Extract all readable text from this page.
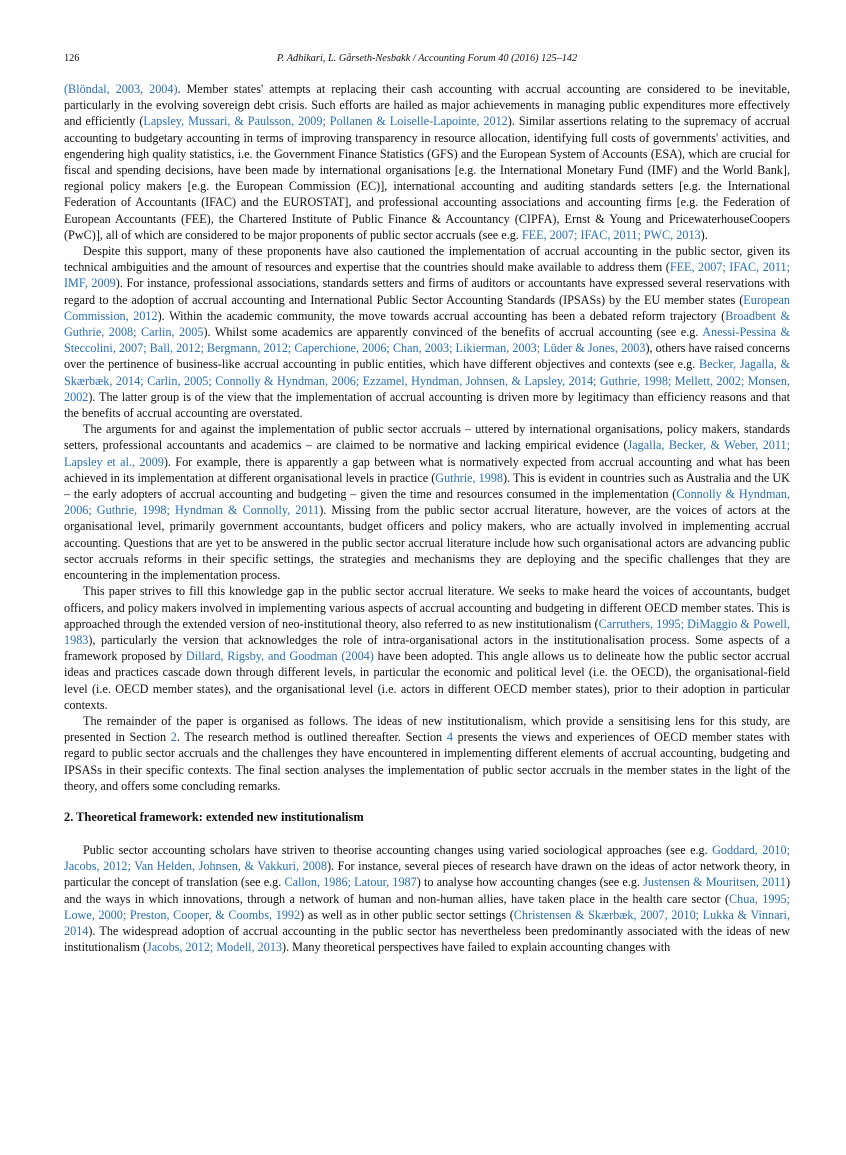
126	P. Adhikari, L. Gårseth-Nesbakk / Accounting Forum 40 (2016) 125–142

(Blöndal, 2003, 2004). Member states' attempts at replacing their cash accounting with accrual accounting are considered to be inevitable, particularly in the evolving sovereign debt crisis. Such efforts are hailed as major achievements in managing public expenditures more effectively and efficiently (Lapsley, Mussari, & Paulsson, 2009; Pollanen & Loiselle-Lapointe, 2012). Similar assertions relating to the supremacy of accrual accounting to budgetary accounting in terms of improving transparency in resource allocation, identifying full costs of governments' activities, and engendering high quality statistics, i.e. the Government Finance Statistics (GFS) and the European System of Accounts (ESA), which are crucial for fiscal and spending decisions, have been made by international organisations [e.g. the International Monetary Fund (IMF) and the World Bank], regional policy makers [e.g. the European Commission (EC)], international accounting and auditing standards setters [e.g. the International Federation of Accountants (IFAC) and the EUROSTAT], and professional accounting associations and accounting firms [e.g. the Federation of European Accountants (FEE), the Chartered Institute of Public Finance & Accountancy (CIPFA), Ernst & Young and PricewaterhouseCoopers (PwC)], all of which are considered to be major proponents of public sector accruals (see e.g. FEE, 2007; IFAC, 2011; PWC, 2013).

Despite this support, many of these proponents have also cautioned the implementation of accrual accounting in the public sector, given its technical ambiguities and the amount of resources and expertise that the countries should make available to address them (FEE, 2007; IFAC, 2011; IMF, 2009). For instance, professional associations, standards setters and firms of auditors or accountants have expressed several reservations with regard to the adoption of accrual accounting and International Public Sector Accounting Standards (IPSASs) by the EU member states (European Commission, 2012). Within the academic community, the move towards accrual accounting has been a debated reform trajectory (Broadbent & Guthrie, 2008; Carlin, 2005). Whilst some academics are apparently convinced of the benefits of accrual accounting (see e.g. Anessi-Pessina & Steccolini, 2007; Ball, 2012; Bergmann, 2012; Caperchione, 2006; Chan, 2003; Likierman, 2003; Lüder & Jones, 2003), others have raised concerns over the pertinence of business-like accrual accounting in public entities, which have different objectives and contexts (see e.g. Becker, Jagalla, & Skærbæk, 2014; Carlin, 2005; Connolly & Hyndman, 2006; Ezzamel, Hyndman, Johnsen, & Lapsley, 2014; Guthrie, 1998; Mellett, 2002; Monsen, 2002). The latter group is of the view that the implementation of accrual accounting is driven more by legitimacy than efficiency reasons and that the benefits of accrual accounting are overstated.

The arguments for and against the implementation of public sector accruals – uttered by international organisations, policy makers, standards setters, professional accountants and academics – are claimed to be normative and lacking empirical evidence (Jagalla, Becker, & Weber, 2011; Lapsley et al., 2009). For example, there is apparently a gap between what is normatively expected from accrual accounting and what has been achieved in its implementation at different organisational levels in practice (Guthrie, 1998). This is evident in countries such as Australia and the UK – the early adopters of accrual accounting and budgeting – given the time and resources consumed in the implementation (Connolly & Hyndman, 2006; Guthrie, 1998; Hyndman & Connolly, 2011). Missing from the public sector accrual literature, however, are the voices of actors at the organisational level, primarily government accountants, budget officers and policy makers, who are actually involved in implementing accrual accounting. Questions that are yet to be answered in the public sector accrual literature include how such organisational actors are advancing public sector accruals reforms in their specific settings, the strategies and mechanisms they are deploying and the specific challenges that they are encountering in the implementation process.

This paper strives to fill this knowledge gap in the public sector accrual literature. We seeks to make heard the voices of accountants, budget officers, and policy makers involved in implementing various aspects of accrual accounting and budgeting in different OECD member states. This is approached through the extended version of neo-institutional theory, also referred to as new institutionalism (Carruthers, 1995; DiMaggio & Powell, 1983), particularly the version that acknowledges the role of intra-organisational actors in the institutionalisation process. Some aspects of a framework proposed by Dillard, Rigsby, and Goodman (2004) have been adopted. This angle allows us to delineate how the public sector accrual ideas and practices cascade down through different levels, in particular the economic and political level (i.e. the OECD), the organisational-field level (i.e. OECD member states), and the organisational level (i.e. actors in different OECD member states), prior to their adoption in particular contexts.

The remainder of the paper is organised as follows. The ideas of new institutionalism, which provide a sensitising lens for this study, are presented in Section 2. The research method is outlined thereafter. Section 4 presents the views and experiences of OECD member states with regard to public sector accruals and the challenges they have encountered in implementing different elements of accrual accounting, budgeting and IPSASs in their specific contexts. The final section analyses the implementation of public sector accruals in the member states in the light of the theory, and offers some concluding remarks.

2. Theoretical framework: extended new institutionalism

Public sector accounting scholars have striven to theorise accounting changes using varied sociological approaches (see e.g. Goddard, 2010; Jacobs, 2012; Van Helden, Johnsen, & Vakkuri, 2008). For instance, several pieces of research have drawn on the ideas of actor network theory, in particular the concept of translation (see e.g. Callon, 1986; Latour, 1987) to analyse how accounting changes (see e.g. Justensen & Mouritsen, 2011) and the ways in which innovations, through a network of human and non-human allies, have taken place in the health care sector (Chua, 1995; Lowe, 2000; Preston, Cooper, & Coombs, 1992) as well as in other public sector settings (Christensen & Skærbæk, 2007, 2010; Lukka & Vinnari, 2014). The widespread adoption of accrual accounting in the public sector has nevertheless been predominantly associated with the ideas of new institutionalism (Jacobs, 2012; Modell, 2013). Many theoretical perspectives have failed to explain accounting changes with
